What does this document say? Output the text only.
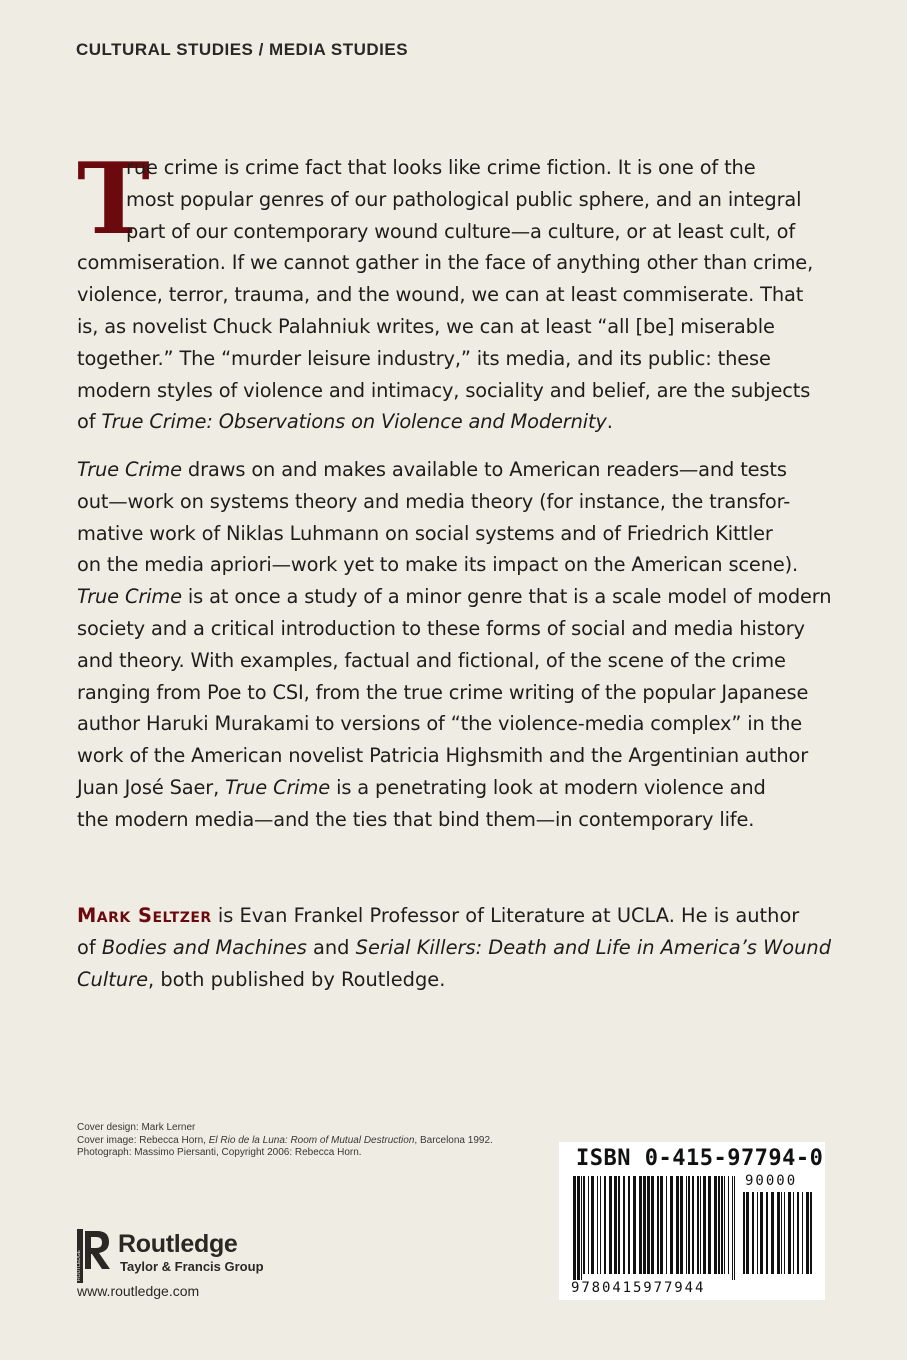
CULTURAL STUDIES / MEDIA STUDIES
T

rue crime is crime fact that looks like crime fiction. It is one of the
most popular genres of our pathological public sphere, and an integral
part of our contemporary wound culture—a culture, or at least cult, of
commiseration. If we cannot gather in the face of anything other than crime,
violence, terror, trauma, and the wound, we can at least commiserate. That
is, as novelist Chuck Palahniuk writes, we can at least “all [be] miserable
together.” The “murder leisure industry,” its media, and its public: these
modern styles of violence and intimacy, sociality and belief, are the subjects
of True Crime: Observations on Violence and Modernity.

True Crime draws on and makes available to American readers—and tests
out—work on systems theory and media theory (for instance, the transfor-
mative work of Niklas Luhmann on social systems and of Friedrich Kittler
on the media apriori—work yet to make its impact on the American scene).
True Crime is at once a study of a minor genre that is a scale model of modern
society and a critical introduction to these forms of social and media history
and theory. With examples, factual and fictional, of the scene of the crime
ranging from Poe to CSI, from the true crime writing of the popular Japanese
author Haruki Murakami to versions of “the violence-media complex” in the
work of the American novelist Patricia Highsmith and the Argentinian author
Juan José Saer, True Crime is a penetrating look at modern violence and
the modern media—and the ties that bind them—in contemporary life.

Mark Seltzer is Evan Frankel Professor of Literature at UCLA. He is author
of Bodies and Machines and Serial Killers: Death and Life in America’s Wound
Culture, both published by Routledge.

Cover design: Mark Lerner
Cover image: Rebecca Horn, El Rio de la Luna: Room of Mutual Destruction, Barcelona 1992.
Photograph: Massimo Piersanti, Copyright 2006: Rebecca Horn.
ROUTLEDGE
Routledge
Taylor & Francis Group
www.routledge.com
ISBN 0-415-97794-0
90000
9780415977944
